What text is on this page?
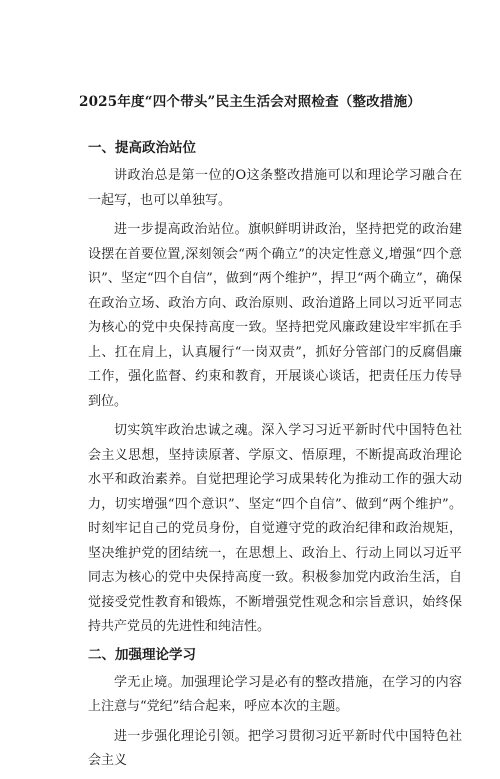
2025年度“四个带头”民主生活会对照检查（整改措施）
一、提高政治站位
讲政治总是第一位的O这条整改措施可以和理论学习融合在一起写，也可以单独写。
进一步提高政治站位。旗帜鲜明讲政治，坚持把党的政治建设摆在首要位置,深刻领会“两个确立”的决定性意义,增强“四个意识”、坚定“四个自信”，做到“两个维护”，捍卫“两个确立”，确保在政治立场、政治方向、政治原则、政治道路上同以习近平同志为核心的党中央保持高度一致。坚持把党风廉政建设牢牢抓在手上、扛在肩上，认真履行“一岗双责”，抓好分管部门的反腐倡廉工作，强化监督、约束和教育，开展谈心谈话，把责任压力传导到位。
切实筑牢政治忠诚之魂。深入学习习近平新时代中国特色社会主义思想，坚持读原著、学原文、悟原理，不断提高政治理论水平和政治素养。自觉把理论学习成果转化为推动工作的强大动力，切实增强“四个意识”、坚定“四个自信”、做到“两个维护”。时刻牢记自己的党员身份，自觉遵守党的政治纪律和政治规矩，坚决维护党的团结统一，在思想上、政治上、行动上同以习近平同志为核心的党中央保持高度一致。积极参加党内政治生活，自觉接受党性教育和锻炼，不断增强党性观念和宗旨意识，始终保持共产党员的先进性和纯洁性。
二、加强理论学习
学无止境。加强理论学习是必有的整改措施，在学习的内容上注意与“党纪”结合起来，呼应本次的主题。
进一步强化理论引领。把学习贯彻习近平新时代中国特色社会主义
